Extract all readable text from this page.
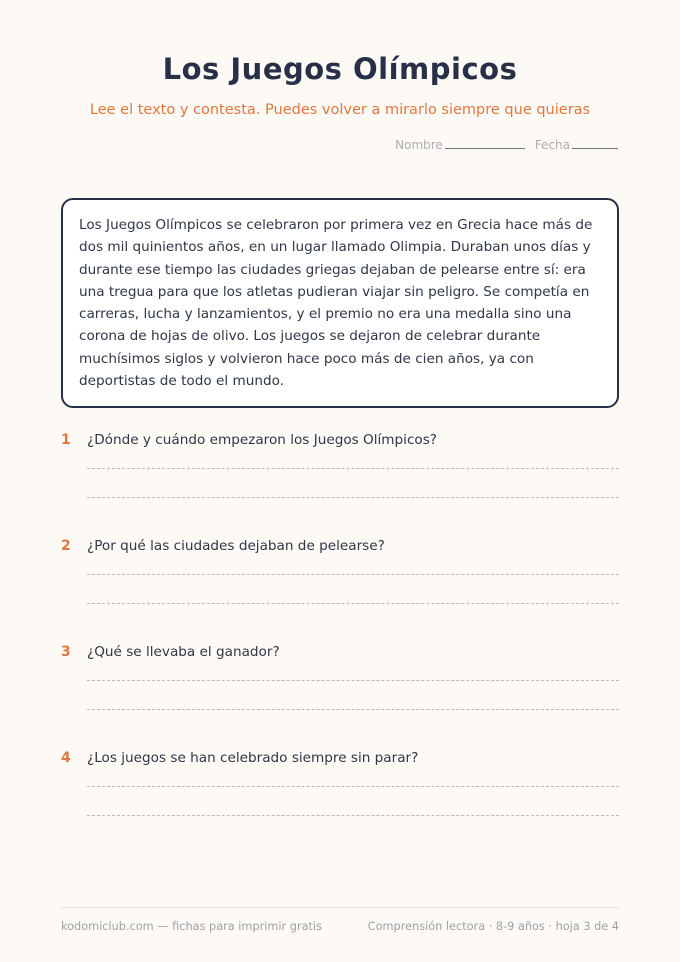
Los Juegos Olímpicos
Lee el texto y contesta. Puedes volver a mirarlo siempre que quieras
Nombre	Fecha

Los Juegos Olímpicos se celebraron por primera vez en Grecia hace más de dos mil quinientos años, en un lugar llamado Olimpia. Duraban unos días y durante ese tiempo las ciudades griegas dejaban de pelearse entre sí: era una tregua para que los atletas pudieran viajar sin peligro. Se competía en carreras, lucha y lanzamientos, y el premio no era una medalla sino una corona de hojas de olivo. Los juegos se dejaron de celebrar durante muchísimos siglos y volvieron hace poco más de cien años, ya con deportistas de todo el mundo.

1	¿Dónde y cuándo empezaron los Juegos Olímpicos?
2	¿Por qué las ciudades dejaban de pelearse?
3	¿Qué se llevaba el ganador?
4	¿Los juegos se han celebrado siempre sin parar?
kodomiclub.com — fichas para imprimir gratis	Comprensión lectora · 8-9 años · hoja 3 de 4
